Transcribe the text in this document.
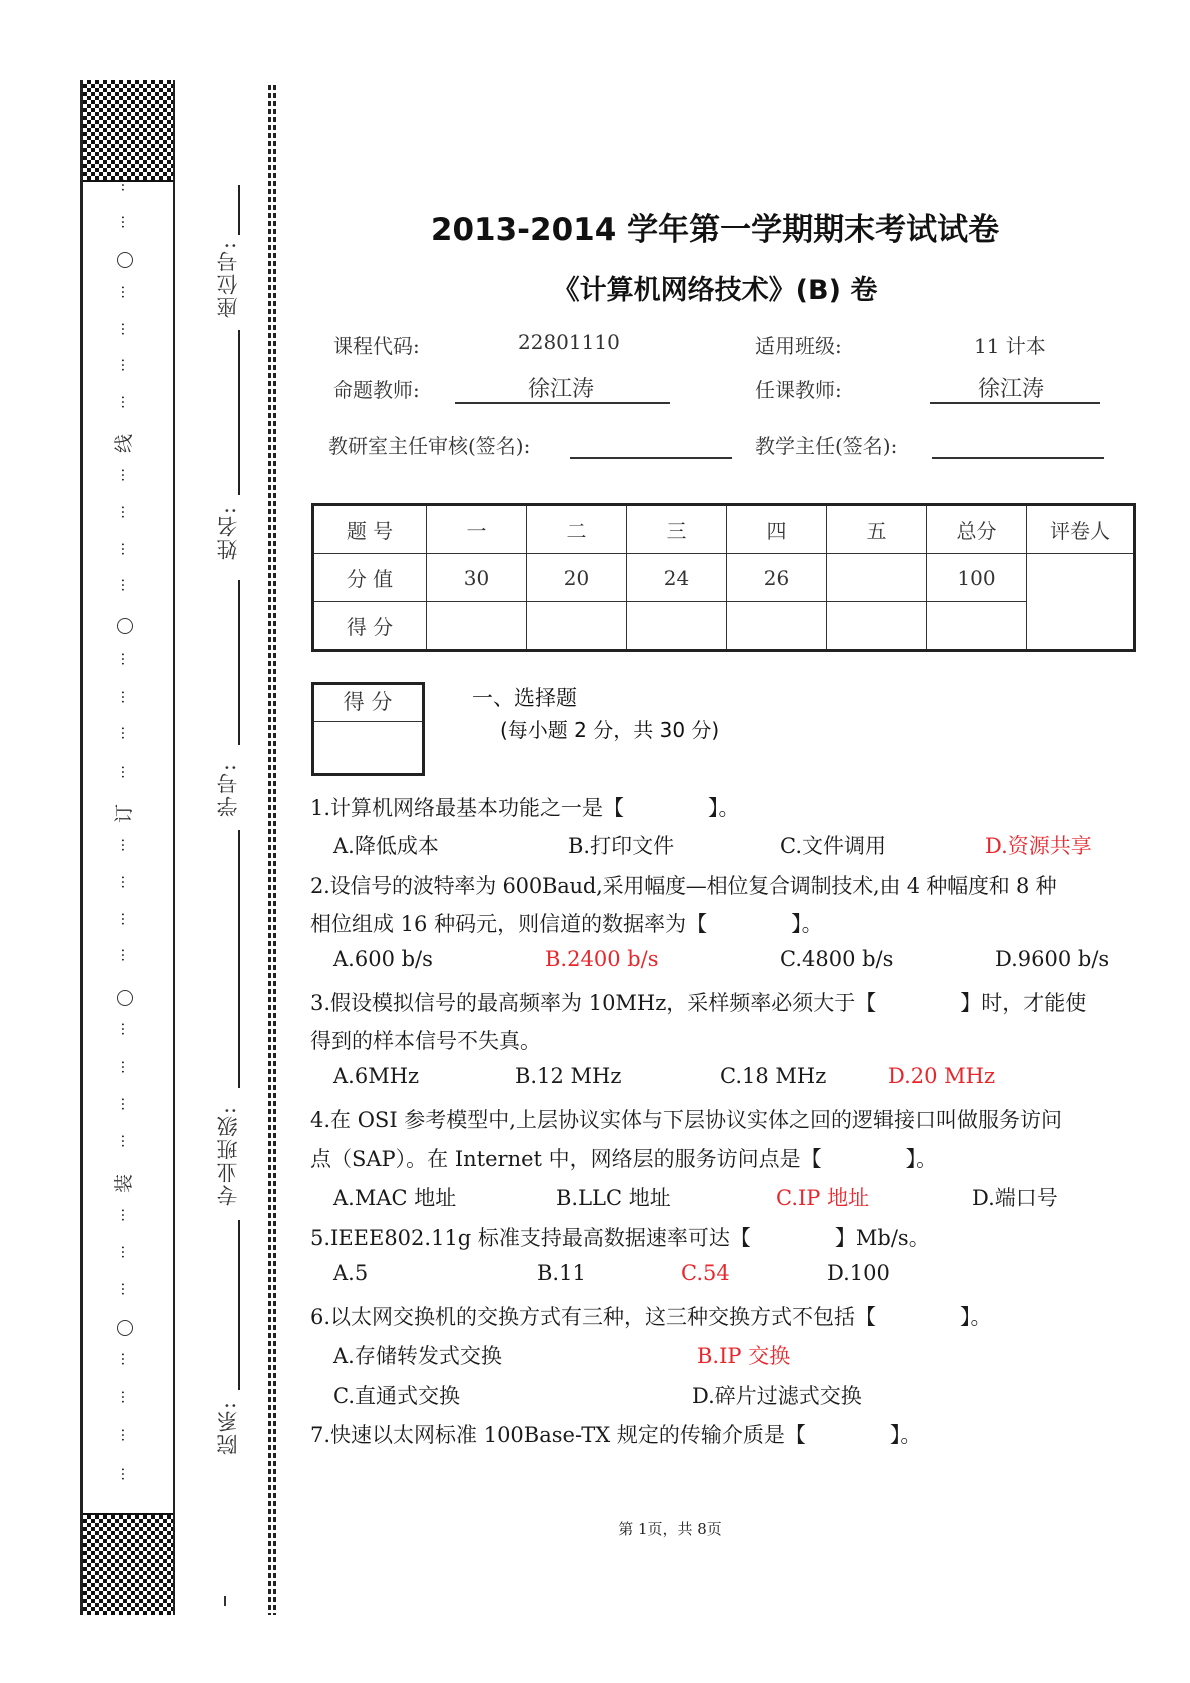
…
…
…
…
…
…
线
…
…
…
…
…
…
…
…
订
…
…
…
…
…
…
…
…
装
…
…
…
…
…
…
…
座位号:
姓名:
学号:
专业班级:
院系:
2013-2014 学年第一学期期末考试试卷
《计算机网络技术》(B) 卷
课程代码:	22801110	适用班级:	11 计本
命题教师:	徐江涛	任课教师:	徐江涛
教研室主任审核(签名):	教学主任(签名):
题 号	一	二	三	四	五	总分	评卷人
分 值	30	20	24	26		100	
得 分							
得 分	一、选择题
(每小题 2 分，共 30 分)
1.计算机网络最基本功能之一是【　　　　】。
A.降低成本	B.打印文件	C.文件调用	D.资源共享
2.设信号的波特率为 600Baud,采用幅度—相位复合调制技术,由 4 种幅度和 8 种
相位组成 16 种码元，则信道的数据率为【　　　　】。
A.600 b/s	B.2400 b/s	C.4800 b/s	D.9600 b/s
3.假设模拟信号的最高频率为 10MHz，采样频率必须大于【　　　　】时，才能使
得到的样本信号不失真。
A.6MHz	B.12 MHz	C.18 MHz	D.20 MHz
4.在 OSI 参考模型中,上层协议实体与下层协议实体之回的逻辑接口叫做服务访问
点（SAP）。在 Internet 中，网络层的服务访问点是【　　　　】。
A.MAC 地址	B.LLC 地址	C.IP 地址	D.端口号
5.IEEE802.11g 标准支持最高数据速率可达【　　　　】Mb/s。
A.5	B.11	C.54	D.100
6.以太网交换机的交换方式有三种，这三种交换方式不包括【　　　　】。
A.存储转发式交换	B.IP 交换
C.直通式交换	D.碎片过滤式交换
7.快速以太网标准 100Base-TX 规定的传输介质是【　　　　】。
第 1页，共 8页
